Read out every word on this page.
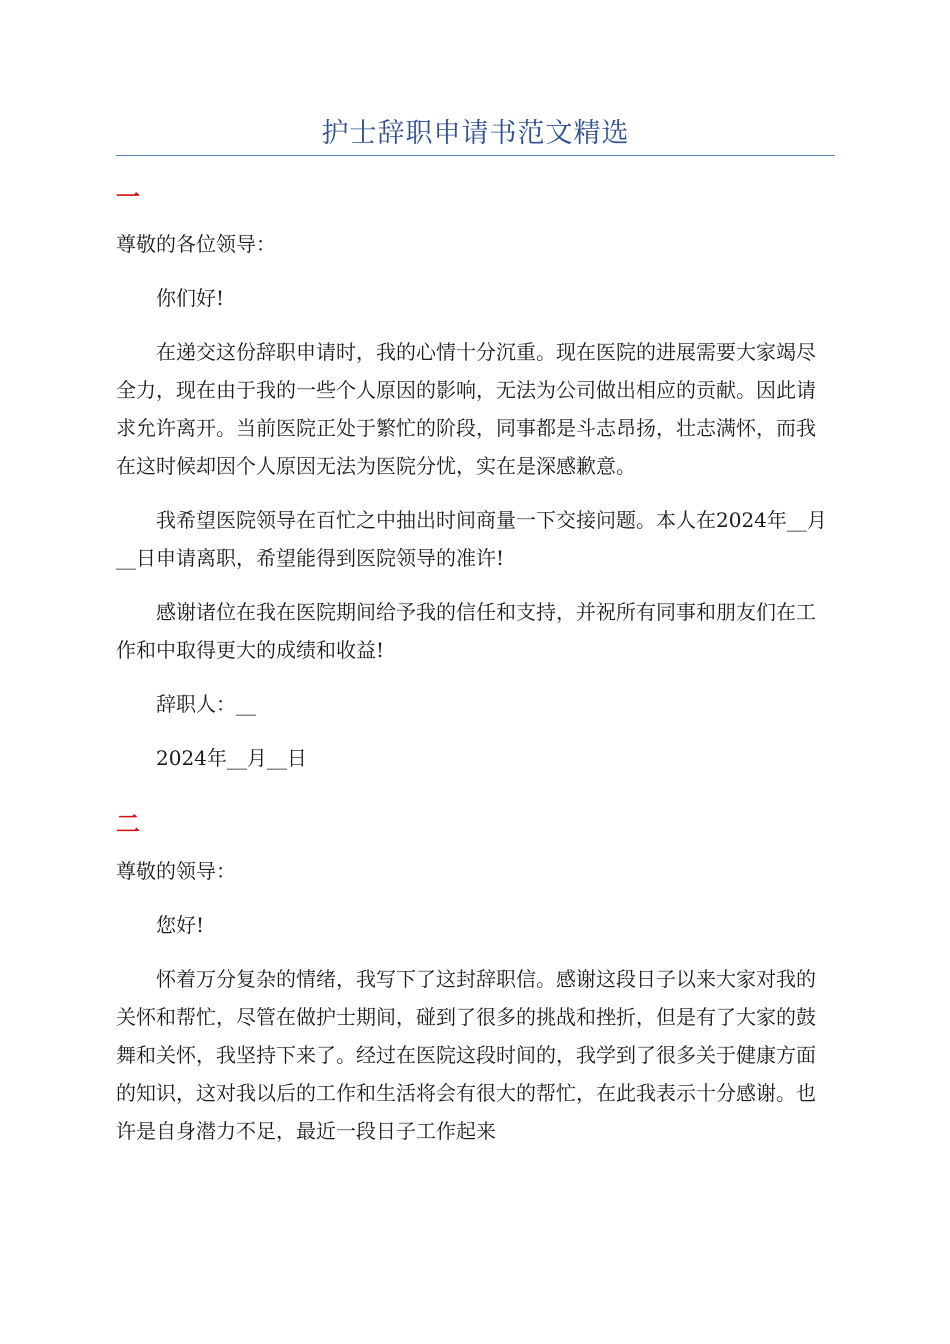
护士辞职申请书范文精选
一

尊敬的各位领导：

你们好!

在递交这份辞职申请时，我的心情十分沉重。现在医院的进展需要大家竭尽全力，现在由于我的一些个人原因的影响，无法为公司做出相应的贡献。因此请求允许离开。当前医院正处于繁忙的阶段，同事都是斗志昂扬，壮志满怀，而我在这时候却因个人原因无法为医院分忧，实在是深感歉意。

我希望医院领导在百忙之中抽出时间商量一下交接问题。本人在2024年__月__日申请离职，希望能得到医院领导的准许!

感谢诸位在我在医院期间给予我的信任和支持，并祝所有同事和朋友们在工作和中取得更大的成绩和收益!

辞职人：__

2024年__月__日

二

尊敬的领导：

您好!

怀着万分复杂的情绪，我写下了这封辞职信。感谢这段日子以来大家对我的关怀和帮忙，尽管在做护士期间，碰到了很多的挑战和挫折，但是有了大家的鼓舞和关怀，我坚持下来了。经过在医院这段时间的，我学到了很多关于健康方面的知识，这对我以后的工作和生活将会有很大的帮忙，在此我表示十分感谢。也许是自身潜力不足，最近一段日子工作起来
